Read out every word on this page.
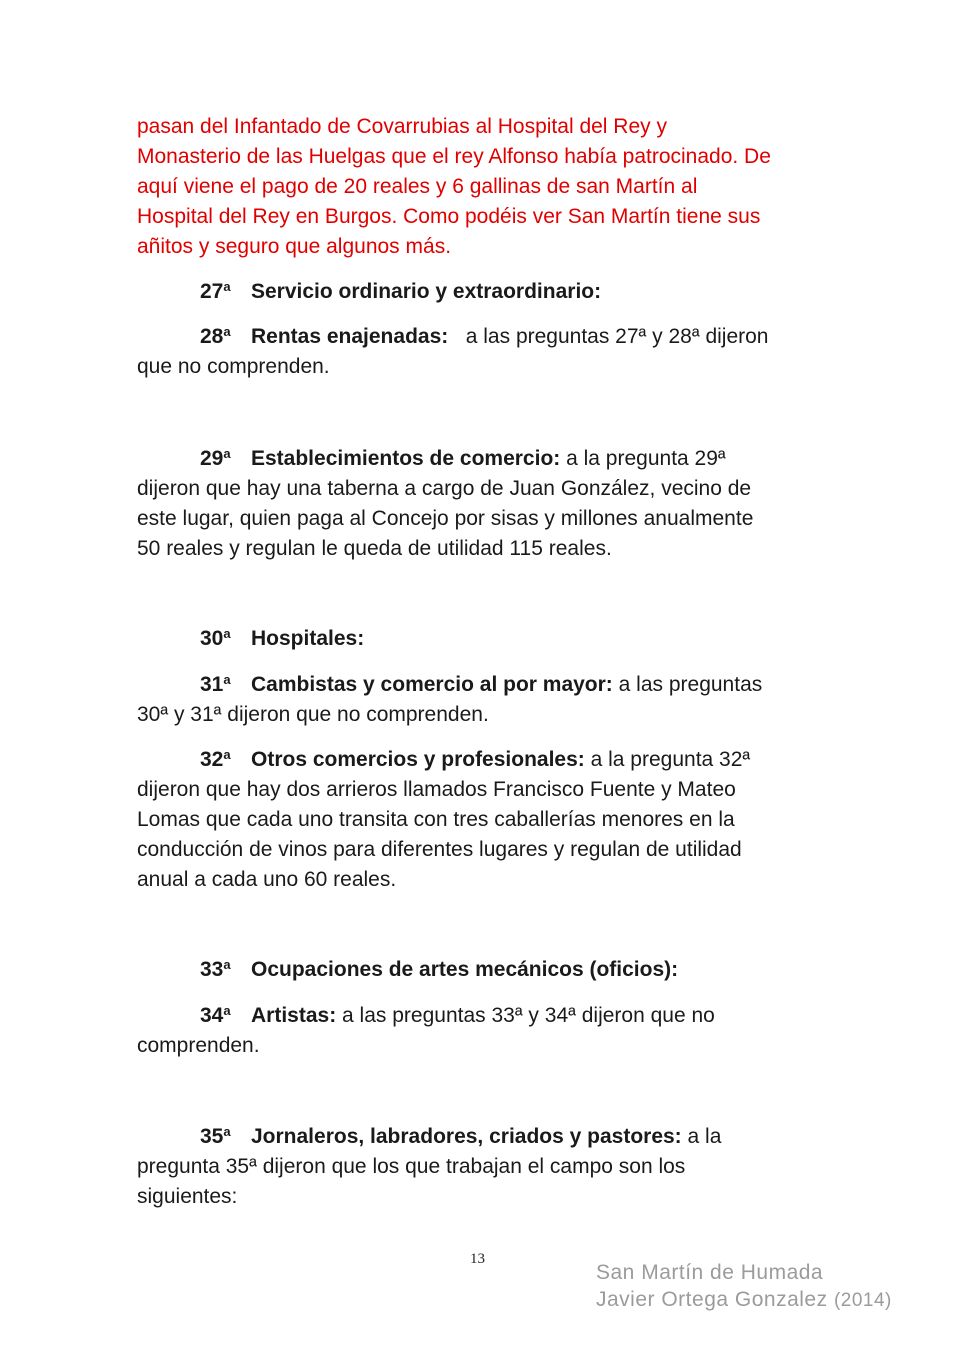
pasan del Infantado de Covarrubias al Hospital del Rey y
Monasterio de las Huelgas que el rey Alfonso había patrocinado. De
aquí viene el pago de 20 reales y 6 gallinas de san Martín al
Hospital del Rey en Burgos. Como podéis ver San Martín tiene sus
añitos y seguro que algunos más.
27$^a$ Servicio ordinario y extraordinario:
28$^a$ Rentas enajenadas:   a las preguntas 27ª y 28ª dijeron
que no comprenden.
29$^a$ Establecimientos de comercio: a la pregunta 29ª
dijeron que hay una taberna a cargo de Juan González, vecino de
este lugar, quien paga al Concejo por sisas y millones anualmente
50 reales y regulan le queda de utilidad 115 reales.
30$^a$ Hospitales:
31$^a$ Cambistas y comercio al por mayor: a las preguntas
30ª y 31ª dijeron que no comprenden.
32$^a$ Otros comercios y profesionales: a la pregunta 32ª
dijeron que hay dos arrieros llamados Francisco Fuente y Mateo
Lomas que cada uno transita con tres caballerías menores en la
conducción de vinos para diferentes lugares y regulan de utilidad
anual a cada uno 60 reales.
33$^a$ Ocupaciones de artes mecánicos (oficios):
34$^a$ Artistas: a las preguntas 33ª y 34ª dijeron que no
comprenden.
35$^a$ Jornaleros, labradores, criados y pastores: a la
pregunta 35ª dijeron que los que trabajan el campo son los
siguientes:
13
San Martín de Humada
Javier Ortega Gonzalez (2014)
